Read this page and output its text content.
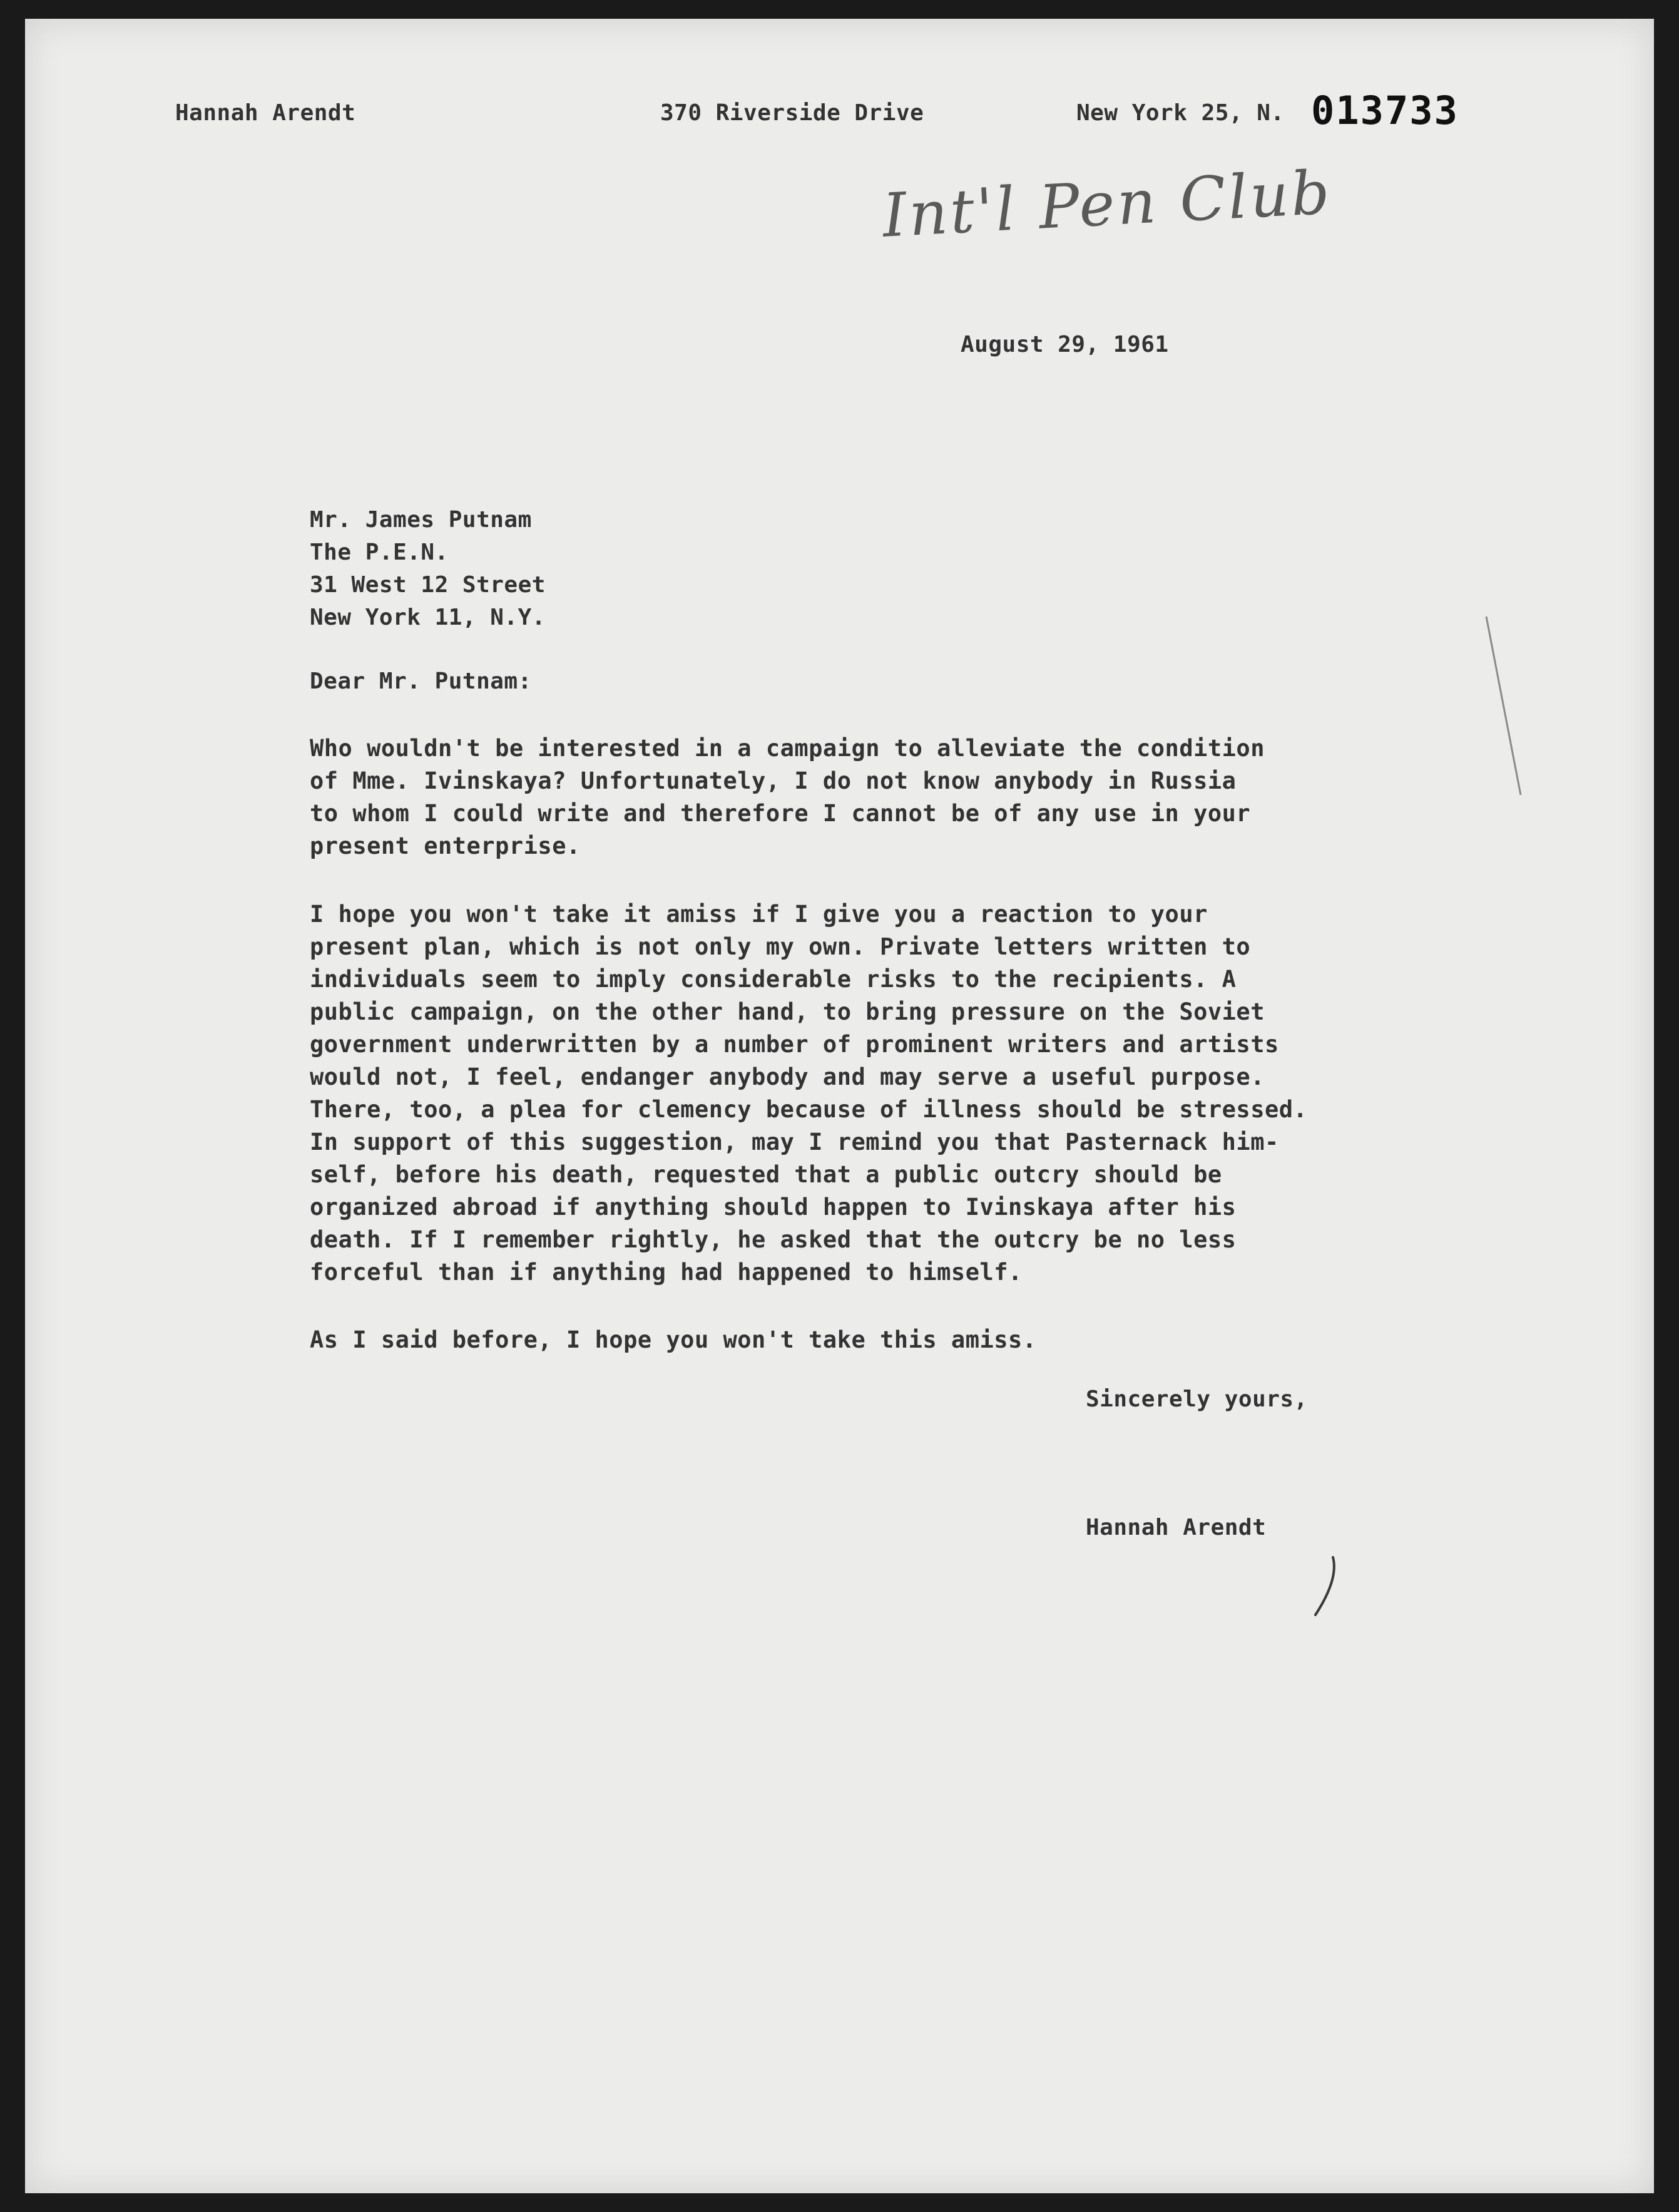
Hannah Arendt	370 Riverside Drive	New York 25, N. 013733
Int'l Pen Club
August 29, 1961
Mr. James Putnam
The P.E.N.
31 West 12 Street
New York 11, N.Y.
Dear Mr. Putnam:
Who wouldn't be interested in a campaign to alleviate the condition
of Mme. Ivinskaya? Unfortunately, I do not know anybody in Russia
to whom I could write and therefore I cannot be of any use in your
present enterprise.
I hope you won't take it amiss if I give you a reaction to your
present plan, which is not only my own. Private letters written to
individuals seem to imply considerable risks to the recipients. A
public campaign, on the other hand, to bring pressure on the Soviet
government underwritten by a number of prominent writers and artists
would not, I feel, endanger anybody and may serve a useful purpose.
There, too, a plea for clemency because of illness should be stressed.
In support of this suggestion, may I remind you that Pasternack him-
self, before his death, requested that a public outcry should be
organized abroad if anything should happen to Ivinskaya after his
death. If I remember rightly, he asked that the outcry be no less
forceful than if anything had happened to himself.
As I said before, I hope you won't take this amiss.
Sincerely yours,
Hannah Arendt
